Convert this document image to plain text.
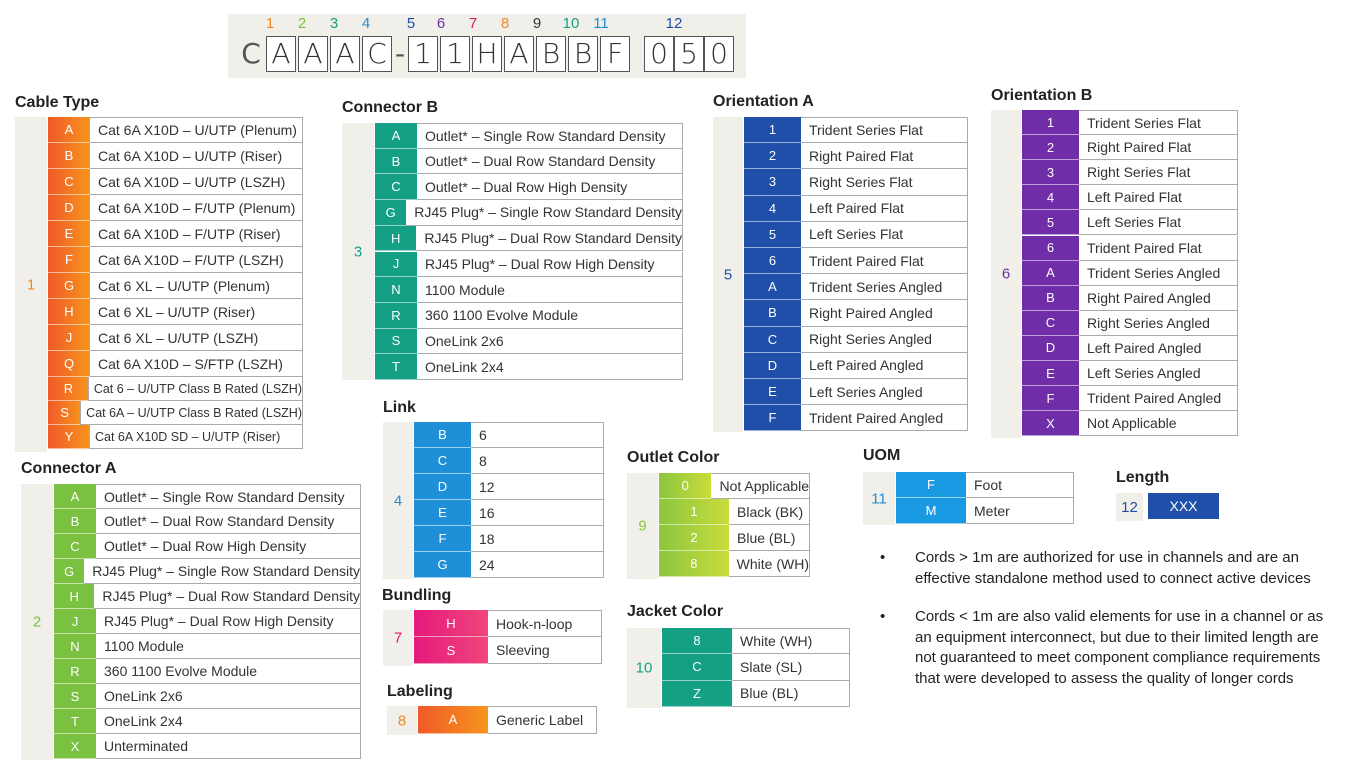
1	2	3	4	5	6	7	8	9	10 11	12
C A A A C - 1 1 H A B B F 0 5 0
Cable Type
1
A	Cat 6A X10D – U/UTP (Plenum)
B	Cat 6A X10D – U/UTP (Riser)
C	Cat 6A X10D – U/UTP (LSZH)
D	Cat 6A X10D – F/UTP (Plenum)
E	Cat 6A X10D – F/UTP (Riser)
F	Cat 6A X10D – F/UTP (LSZH)
G	Cat 6 XL – U/UTP (Plenum)
H	Cat 6 XL – U/UTP (Riser)
J	Cat 6 XL – U/UTP (LSZH)
Q	Cat 6A X10D – S/FTP (LSZH)
R	Cat 6 – U/UTP Class B Rated (LSZH)
S	Cat 6A – U/UTP Class B Rated (LSZH)
Y	Cat 6A X10D SD – U/UTP (Riser)
Connector A
2
A	Outlet* – Single Row Standard Density
B	Outlet* – Dual Row Standard Density
C	Outlet* – Dual Row High Density
G	RJ45 Plug* – Single Row Standard Density
H	RJ45 Plug* – Dual Row Standard Density
J	RJ45 Plug* – Dual Row High Density
N	1100 Module
R	360 1100 Evolve Module
S	OneLink 2x6
T	OneLink 2x4
X	Unterminated
Connector B
3
A	Outlet* – Single Row Standard Density
B	Outlet* – Dual Row Standard Density
C	Outlet* – Dual Row High Density
G	RJ45 Plug* – Single Row Standard Density
H	RJ45 Plug* – Dual Row Standard Density
J	RJ45 Plug* – Dual Row High Density
N	1100 Module
R	360 1100 Evolve Module
S	OneLink 2x6
T	OneLink 2x4
Link
4
B	6
C	8
D	12
E	16
F	18
G	24
Bundling
7
H	Hook-n-loop
S	Sleeving
Labeling
8	A	Generic Label
Orientation A
5
1	Trident Series Flat
2	Right Paired Flat
3	Right Series Flat
4	Left Paired Flat
5	Left Series Flat
6	Trident Paired Flat
A	Trident Series Angled
B	Right Paired Angled
C	Right Series Angled
D	Left Paired Angled
E	Left Series Angled
F	Trident Paired Angled
Orientation B
6
1	Trident Series Flat
2	Right Paired Flat
3	Right Series Flat
4	Left Paired Flat
5	Left Series Flat
6	Trident Paired Flat
A	Trident Series Angled
B	Right Paired Angled
C	Right Series Angled
D	Left Paired Angled
E	Left Series Angled
F	Trident Paired Angled
X	Not Applicable
Outlet Color
9
0	Not Applicable
1	Black (BK)
2	Blue (BL)
8	White (WH)
Jacket Color
10
8	White (WH)
C	Slate (SL)
Z	Blue (BL)
UOM
11
F	Foot
M	Meter
Length
12 XXX
• Cords > 1m are authorized for use in channels and are an effective standalone method used to connect active devices
• Cords < 1m are also valid elements for use in a channel or as an equipment interconnect, but due to their limited length are not guaranteed to meet component compliance requirements that were developed to assess the quality of longer cords
